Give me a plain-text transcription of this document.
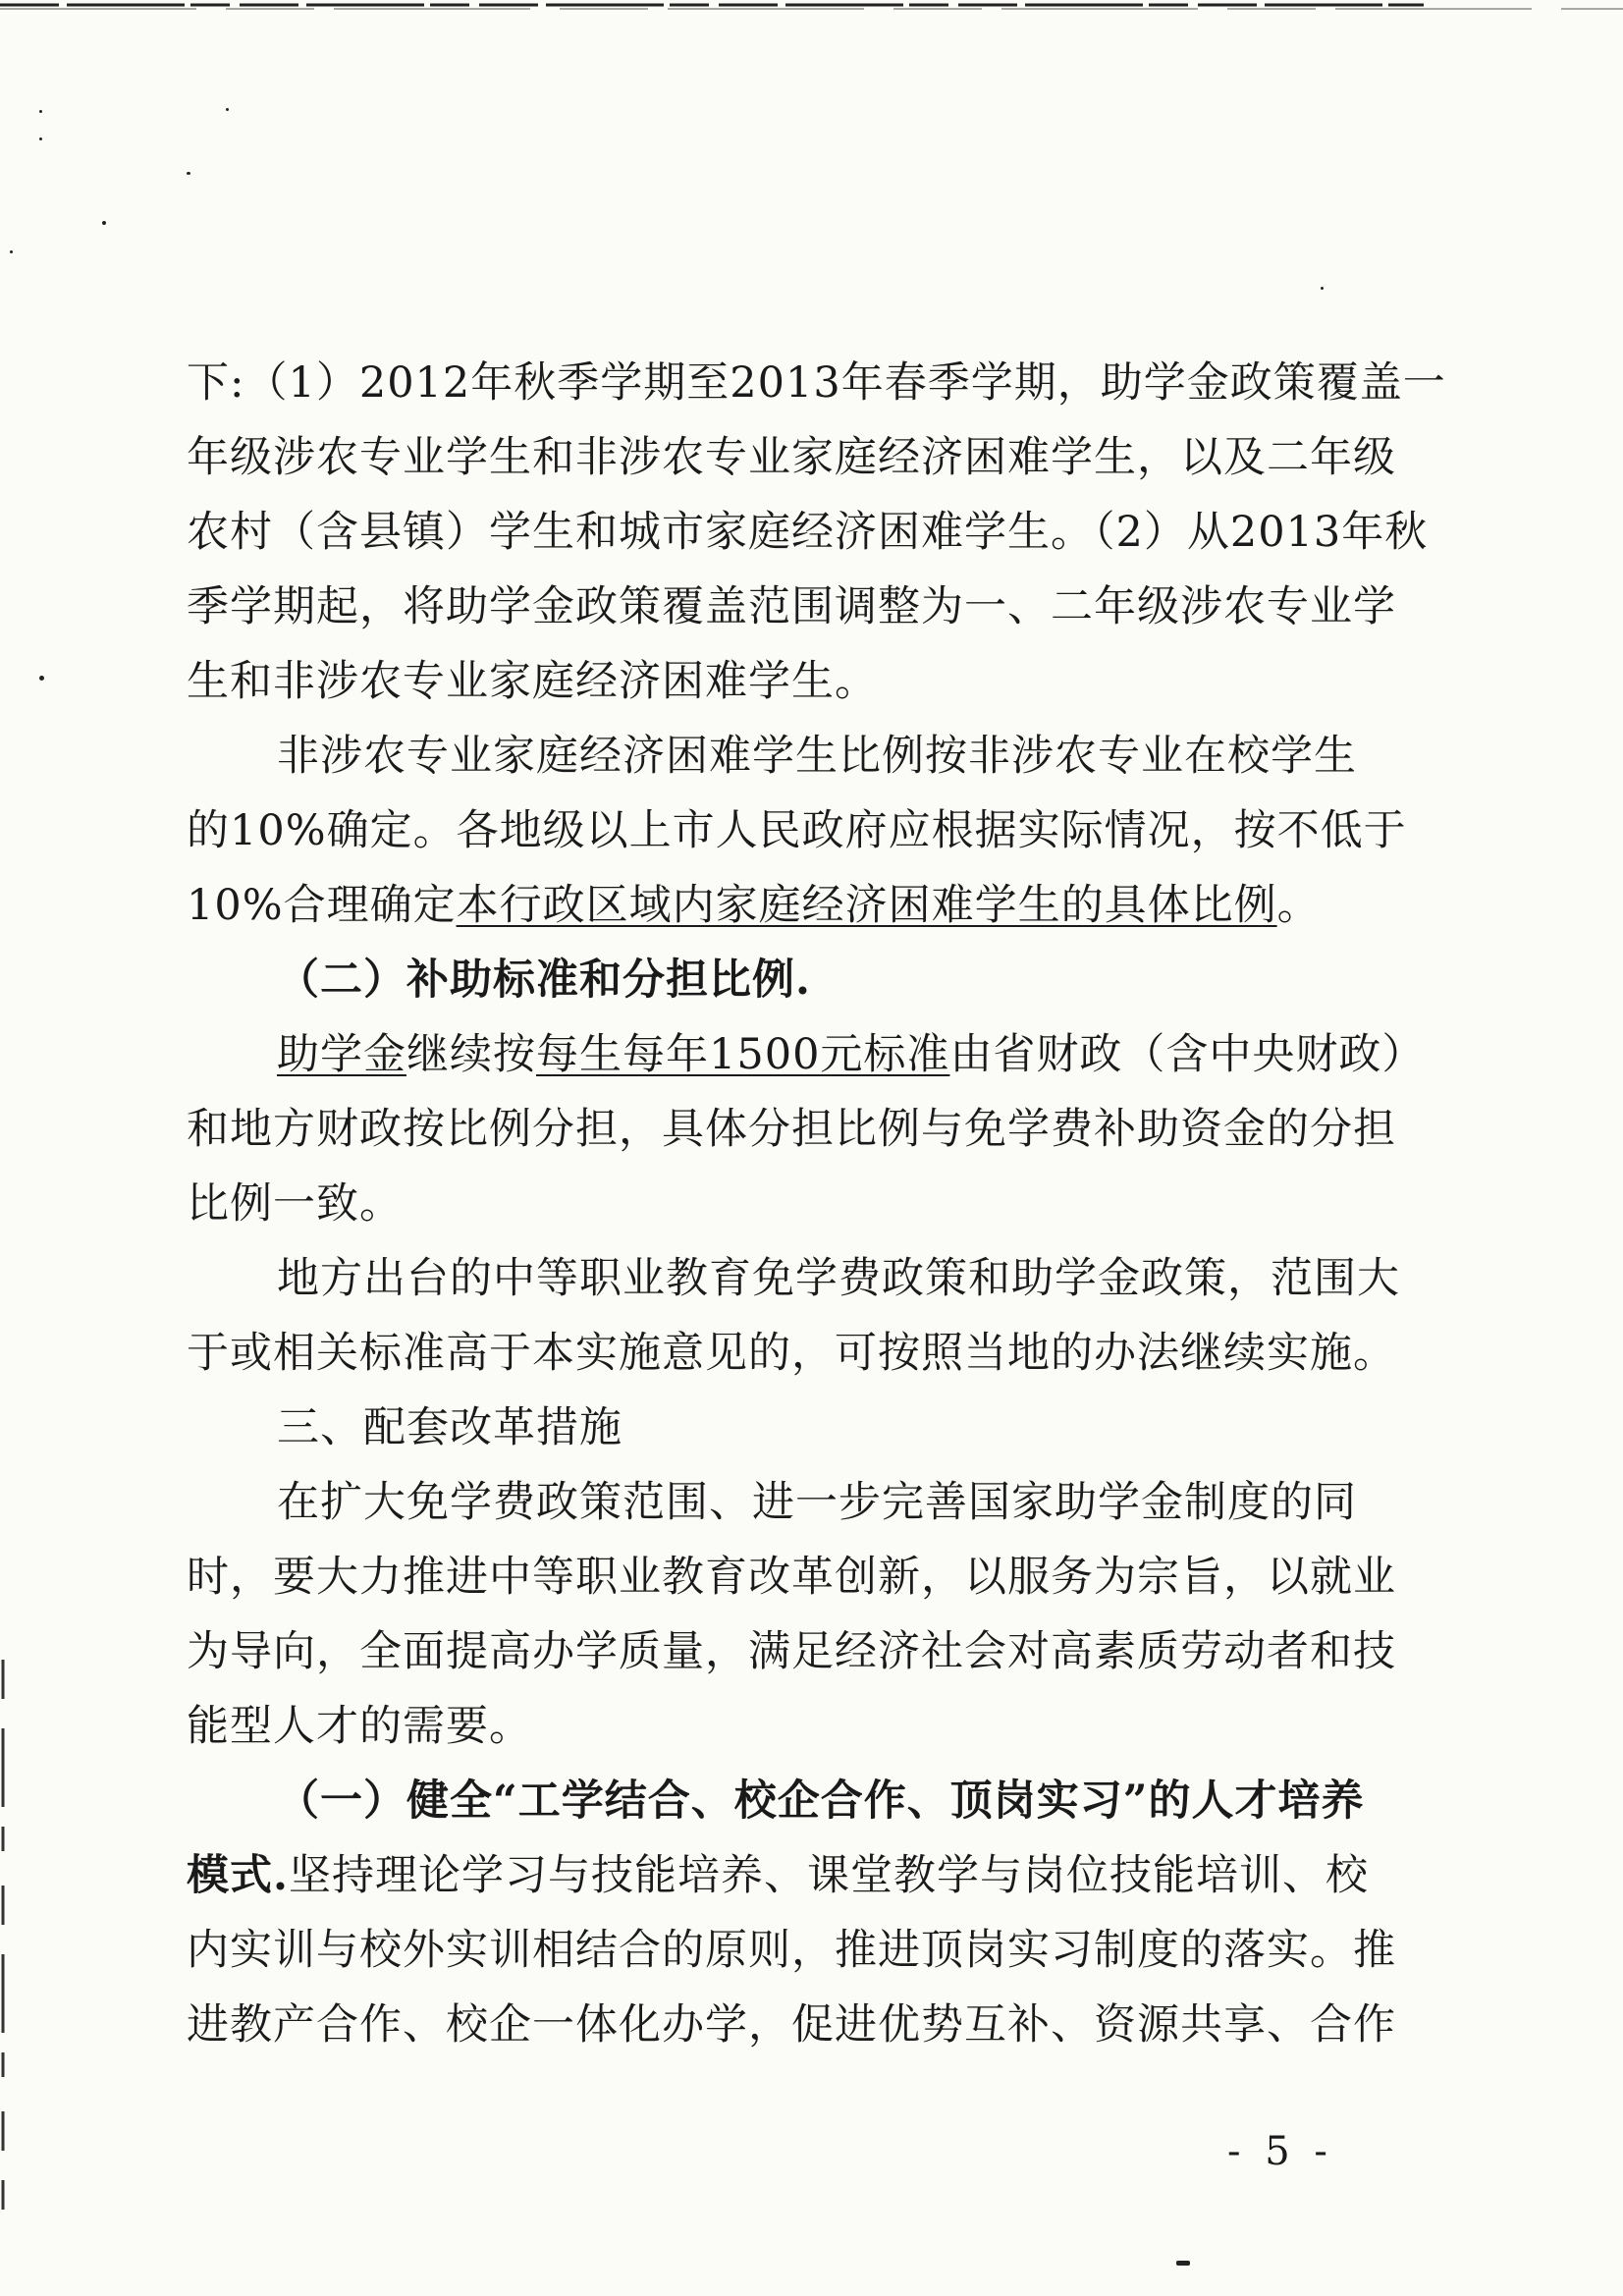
下:（1）2012年秋季学期至2013年春季学期，助学金政策覆盖一
年级涉农专业学生和非涉农专业家庭经济困难学生，以及二年级
农村（含县镇）学生和城市家庭经济困难学生。（2）从2013年秋
季学期起，将助学金政策覆盖范围调整为一、二年级涉农专业学
生和非涉农专业家庭经济困难学生。
非涉农专业家庭经济困难学生比例按非涉农专业在校学生
的10%确定。各地级以上市人民政府应根据实际情况，按不低于
10%合理确定本行政区域内家庭经济困难学生的具体比例。
（二）补助标准和分担比例.
助学金继续按每生每年1500元标准由省财政（含中央财政）
和地方财政按比例分担，具体分担比例与免学费补助资金的分担
比例一致。
地方出台的中等职业教育免学费政策和助学金政策，范围大
于或相关标准高于本实施意见的，可按照当地的办法继续实施。
三、配套改革措施
在扩大免学费政策范围、进一步完善国家助学金制度的同
时，要大力推进中等职业教育改革创新，以服务为宗旨，以就业
为导向，全面提高办学质量，满足经济社会对高素质劳动者和技
能型人才的需要。
（一）健全“工学结合、校企合作、顶岗实习”的人才培养
模式.坚持理论学习与技能培养、课堂教学与岗位技能培训、校
内实训与校外实训相结合的原则，推进顶岗实习制度的落实。推
进教产合作、校企一体化办学，促进优势互补、资源共享、合作
- 5 -
